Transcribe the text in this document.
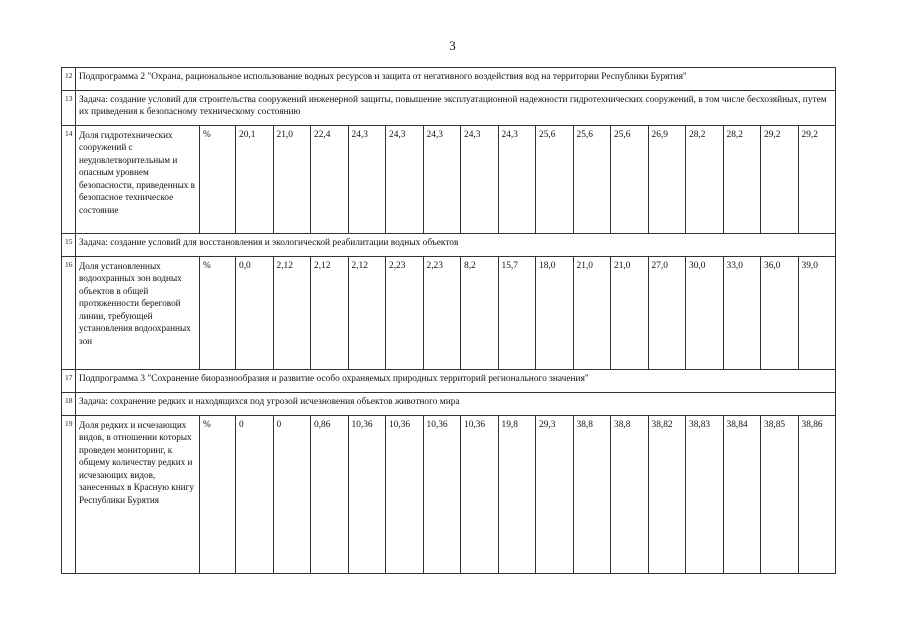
3
12	Подпрограмма 2 "Охрана, рациональное использование водных ресурсов и защита от негативного воздействия вод на территории Республики Бурятия"																	
13	Задача: создание условий для строительства сооружений инженерной защиты, повышение эксплуатационной надежности гидротехнических сооружений, в том числе бесхозяйных, путем их приведения к безопасному техническому состоянию																	
14	Доля гидротехнических сооружений с неудовлетворительным и опасным уровнем безопасности, приведенных в безопасное техническое состояние	%	20,1	21,0	22,4	24,3	24,3	24,3	24,3	24,3	25,6	25,6	25,6	26,9	28,2	28,2	29,2	29,2
15	Задача: создание условий для восстановления и экологической реабилитации водных объектов																	
16	Доля установленных водоохранных зон водных объектов в общей протяженности береговой линии, требующей установления водоохранных зон	%	0,0	2,12	2,12	2,12	2,23	2,23	8,2	15,7	18,0	21,0	21,0	27,0	30,0	33,0	36,0	39,0
17	Подпрограмма 3 "Сохранение биоразнообразия и развитие особо охраняемых природных территорий регионального значения"																	
18	Задача: сохранение редких и находящихся под угрозой исчезновения объектов животного мира																	
19	Доля редких и исчезающих видов, в отношении которых проведен мониторинг, к общему количеству редких и исчезающих видов, занесенных в Красную книгу Республики Бурятия	%	0	0	0,86	10,36	10,36	10,36	10,36	19,8	29,3	38,8	38,8	38,82	38,83	38,84	38,85	38,86
